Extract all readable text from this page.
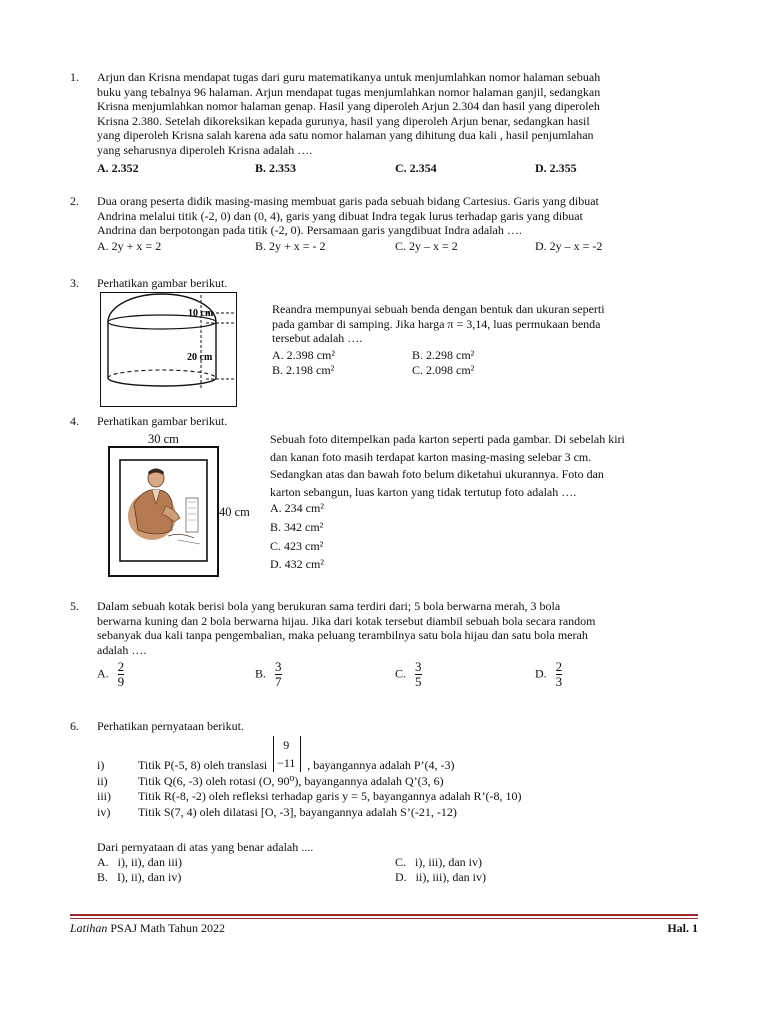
1. Arjun dan Krisna mendapat tugas dari guru matematikanya untuk menjumlahkan nomor halaman sebuah
buku yang tebalnya 96 halaman. Arjun mendapat tugas menjumlahkan nomor halaman ganjil, sedangkan
Krisna menjumlahkan nomor halaman genap. Hasil yang diperoleh Arjun 2.304 dan hasil yang diperoleh
Krisna 2.380. Setelah dikoreksikan kepada gurunya, hasil yang diperoleh Arjun benar, sedangkan hasil
yang diperoleh Krisna salah karena ada satu nomor halaman yang dihitung dua kali , hasil penjumlahan
yang seharusnya diperoleh Krisna adalah ….
A. 2.352	B. 2.353	C. 2.354	D. 2.355
2. Dua orang peserta didik masing-masing membuat garis pada sebuah bidang Cartesius. Garis yang dibuat
Andrina melalui titik (-2, 0) dan (0, 4), garis yang dibuat Indra tegak lurus terhadap garis yang dibuat
Andrina dan berpotongan pada titik (-2, 0). Persamaan garis yangdibuat Indra adalah ….
A. 2y + x = 2	B. 2y + x = - 2	C. 2y – x = 2	D. 2y – x = -2
3. Perhatikan gambar berikut.
10 cm
20 cm
Reandra mempunyai sebuah benda dengan bentuk dan ukuran seperti
pada gambar di samping. Jika harga π = 3,14, luas permukaan benda
tersebut adalah ….
A. 2.398 cm²	B. 2.298 cm²
B. 2.198 cm²	C. 2.098 cm²
4. Perhatikan gambar berikut.
30 cm
40 cm
Sebuah foto ditempelkan pada karton seperti pada gambar. Di sebelah kiri
dan kanan foto masih terdapat karton masing-masing selebar 3 cm.
Sedangkan atas dan bawah foto belum diketahui ukurannya. Foto dan
karton sebangun, luas karton yang tidak tertutup foto adalah ….
A. 234 cm²
B. 342 cm²
C. 423 cm²
D. 432 cm²
5. Dalam sebuah kotak berisi bola yang berukuran sama terdiri dari; 5 bola berwarna merah, 3 bola
berwarna kuning dan 2 bola berwarna hijau. Jika dari kotak tersebut diambil sebuah bola secara random
sebanyak dua kali tanpa pengembalian, maka peluang terambilnya satu bola hijau dan satu bola merah
adalah ….
A. $\frac{2}{9}$	B. $\frac{3}{7}$	C. $\frac{3}{5}$	D. $\frac{2}{3}$
6. Perhatikan pernyataan berikut.
i)	Titik P(-5, 8) oleh translasi
9
−11 , bayangannya adalah P’(4, -3)
ii)	Titik Q(6, -3) oleh rotasi (O, 90⁰), bayangannya adalah Q’(3, 6)
iii) Titik R(-8, -2) oleh refleksi terhadap garis y = 5, bayangannya adalah R’(-8, 10)
iv) Titik S(7, 4) oleh dilatasi [O, -3], bayangannya adalah S’(-21, -12)
Dari pernyataan di atas yang benar adalah ....
A. i), ii), dan iii)	C. i), iii), dan iv)
B. I), ii), dan iv)	D. ii), iii), dan iv)
Latihan PSAJ Math Tahun 2022	Hal. 1
